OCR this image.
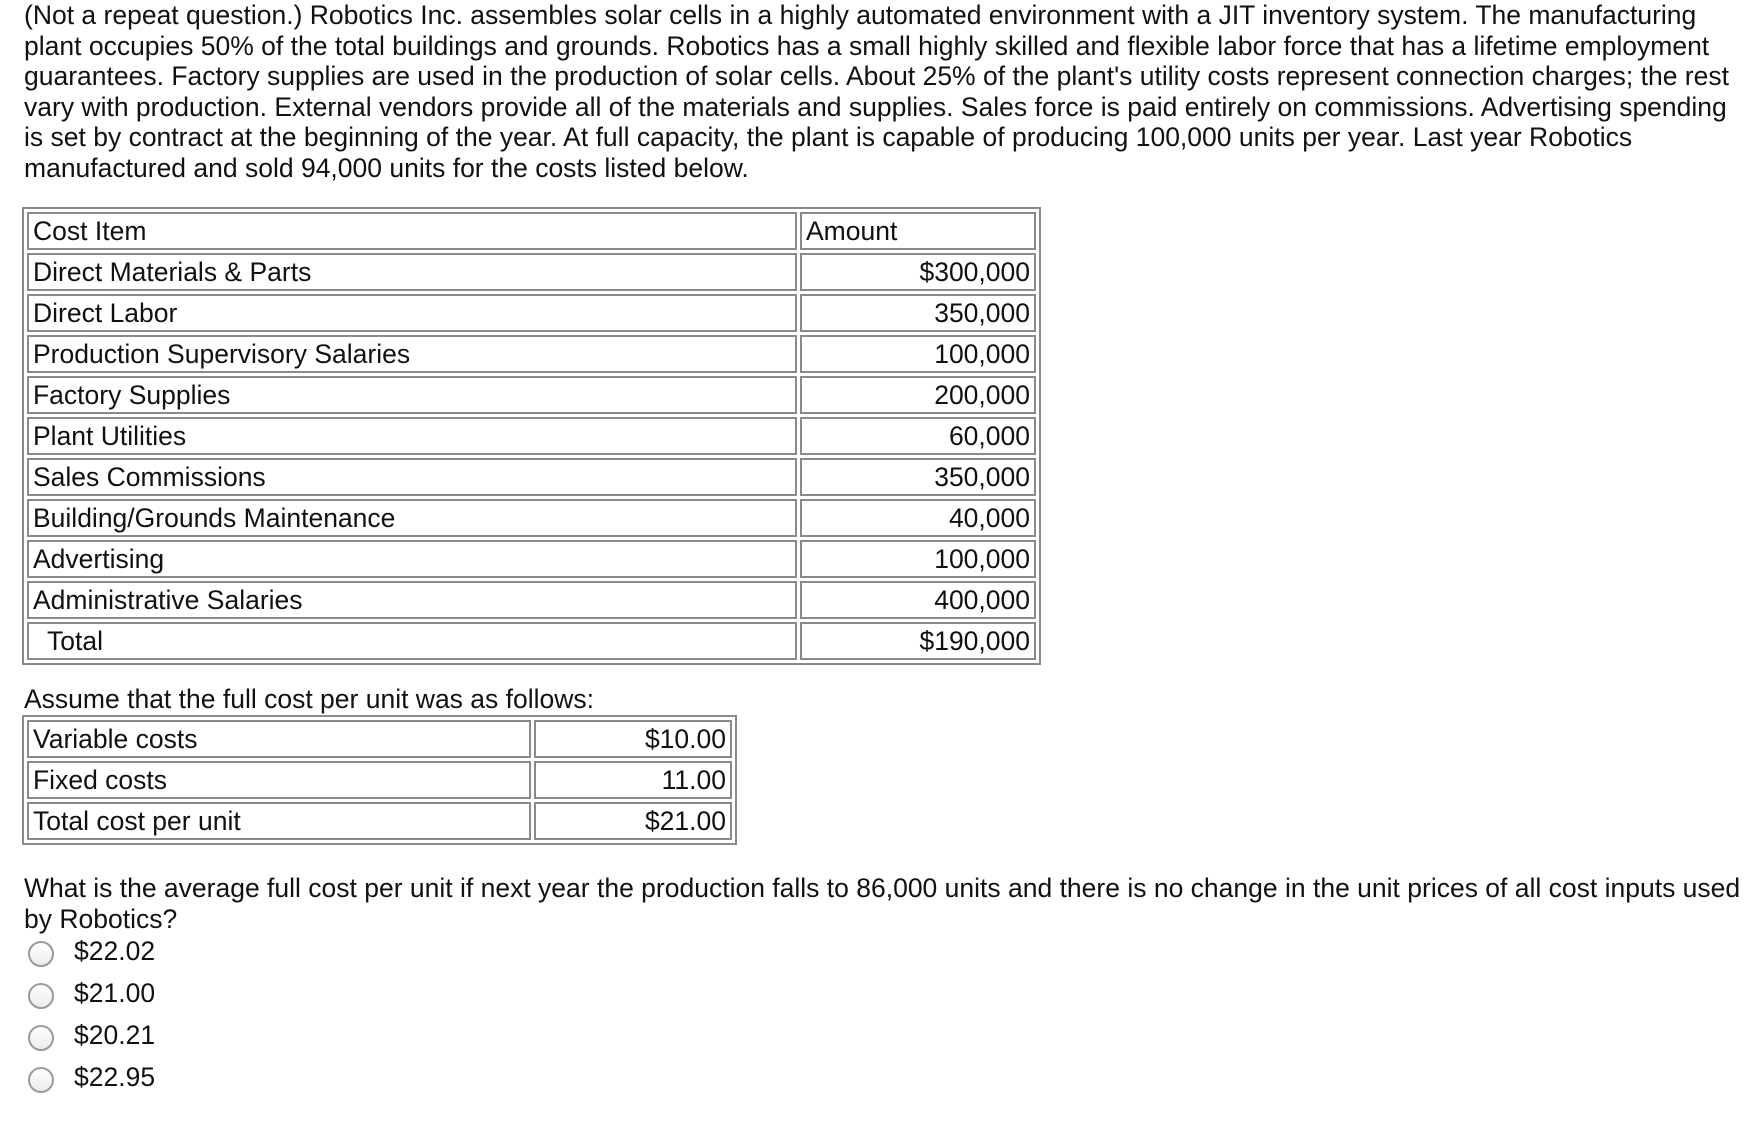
(Not a repeat question.) Robotics Inc. assembles solar cells in a highly automated environment with a JIT inventory system. The manufacturing plant occupies 50% of the total buildings and grounds. Robotics has a small highly skilled and flexible labor force that has a lifetime employment guarantees. Factory supplies are used in the production of solar cells. About 25% of the plant's utility costs represent connection charges; the rest vary with production. External vendors provide all of the materials and supplies. Sales force is paid entirely on commissions. Advertising spending is set by contract at the beginning of the year. At full capacity, the plant is capable of producing 100,000 units per year. Last year Robotics manufactured and sold 94,000 units for the costs listed below.

Cost Item	Amount
Direct Materials & Parts	$300,000
Direct Labor	350,000
Production Supervisory Salaries	100,000
Factory Supplies	200,000
Plant Utilities	60,000
Sales Commissions	350,000
Building/Grounds Maintenance	40,000
Advertising	100,000
Administrative Salaries	400,000
Total	$190,000

Assume that the full cost per unit was as follows:

Variable costs	$10.00
Fixed costs	11.00
Total cost per unit	$21.00

What is the average full cost per unit if next year the production falls to 86,000 units and there is no change in the unit prices of all cost inputs used by Robotics?

$22.02
$21.00
$20.21
$22.95
